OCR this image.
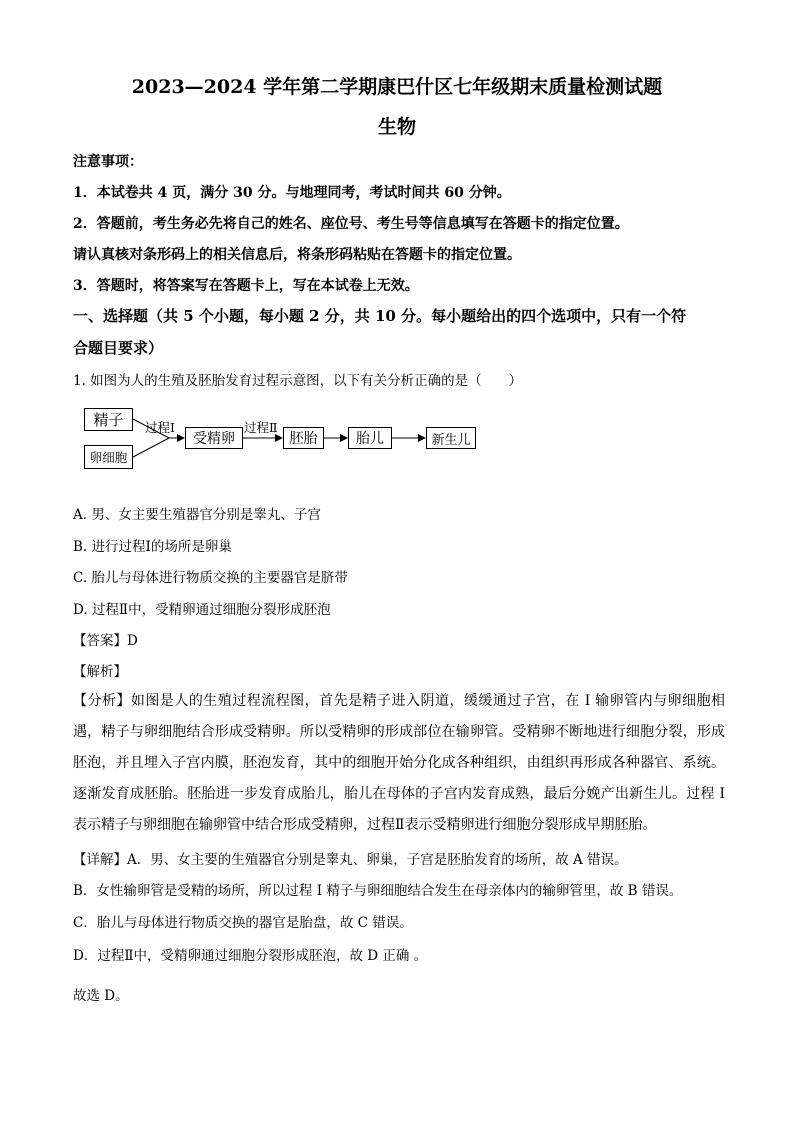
2023—2024 学年第二学期康巴什区七年级期末质量检测试题
生物
注意事项：
1．本试卷共 4 页，满分 30 分。与地理同考，考试时间共 60 分钟。
2．答题前，考生务必先将自己的姓名、座位号、考生号等信息填写在答题卡的指定位置。
请认真核对条形码上的相关信息后，将条形码粘贴在答题卡的指定位置。
3．答题时，将答案写在答题卡上，写在本试卷上无效。
一、选择题（共 5 个小题，每小题 2 分，共 10 分。每小题给出的四个选项中，只有一个符
合题目要求）
1. 如图为人的生殖及胚胎发育过程示意图，以下有关分析正确的是（　　）
精子
卵细胞
过程Ⅰ
受精卵
过程Ⅱ
胚胎	胎儿	新生儿
A. 男、女主要生殖器官分别是睾丸、子宫
B. 进行过程Ⅰ的场所是卵巢
C. 胎儿与母体进行物质交换的主要器官是脐带
D. 过程Ⅱ中，受精卵通过细胞分裂形成胚泡
【答案】D
【解析】
【分析】如图是人的生殖过程流程图，首先是精子进入阴道，缓缓通过子宫，在 I 输卵管内与卵细胞相遇，精子与卵细胞结合形成受精卵。所以受精卵的形成部位在输卵管。受精卵不断地进行细胞分裂，形成胚泡，并且埋入子宫内膜，胚泡发育，其中的细胞开始分化成各种组织，由组织再形成各种器官、系统。逐渐发育成胚胎。胚胎进一步发育成胎儿，胎儿在母体的子宫内发育成熟，最后分娩产出新生儿。过程 I 表示精子与卵细胞在输卵管中结合形成受精卵，过程Ⅱ表示受精卵进行细胞分裂形成早期胚胎。
【详解】A．男、女主要的生殖器官分别是睾丸、卵巢，子宫是胚胎发育的场所，故 A 错误。
B．女性输卵管是受精的场所，所以过程 I 精子与卵细胞结合发生在母亲体内的输卵管里，故 B 错误。
C．胎儿与母体进行物质交换的器官是胎盘，故 C 错误。
D．过程Ⅱ中，受精卵通过细胞分裂形成胚泡，故 D 正确 。
故选 D。
